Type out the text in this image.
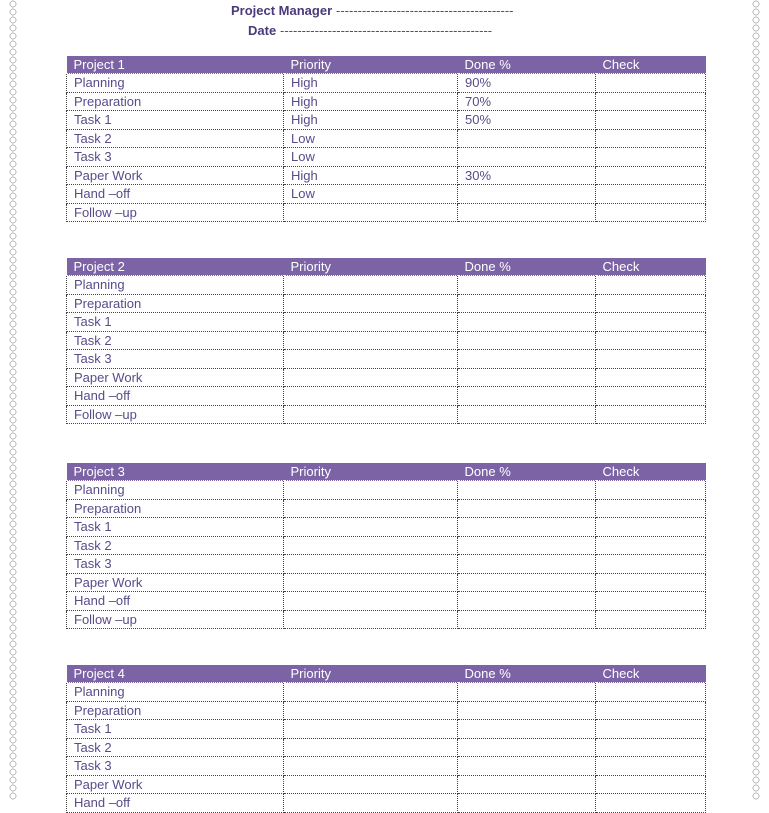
Project Manager -----------------------------------------
Date -------------------------------------------------
Project 1	Priority	Done %	Check
Planning	High	90%	
Preparation	High	70%	
Task 1	High	50%	
Task 2	Low		
Task 3	Low		
Paper Work	High	30%	
Hand –off	Low		
Follow –up			
Project 2	Priority	Done %	Check
Planning			
Preparation			
Task 1			
Task 2			
Task 3			
Paper Work			
Hand –off			
Follow –up			
Project 3	Priority	Done %	Check
Planning			
Preparation			
Task 1			
Task 2			
Task 3			
Paper Work			
Hand –off			
Follow –up			
Project 4	Priority	Done %	Check
Planning			
Preparation			
Task 1			
Task 2			
Task 3			
Paper Work			
Hand –off			
